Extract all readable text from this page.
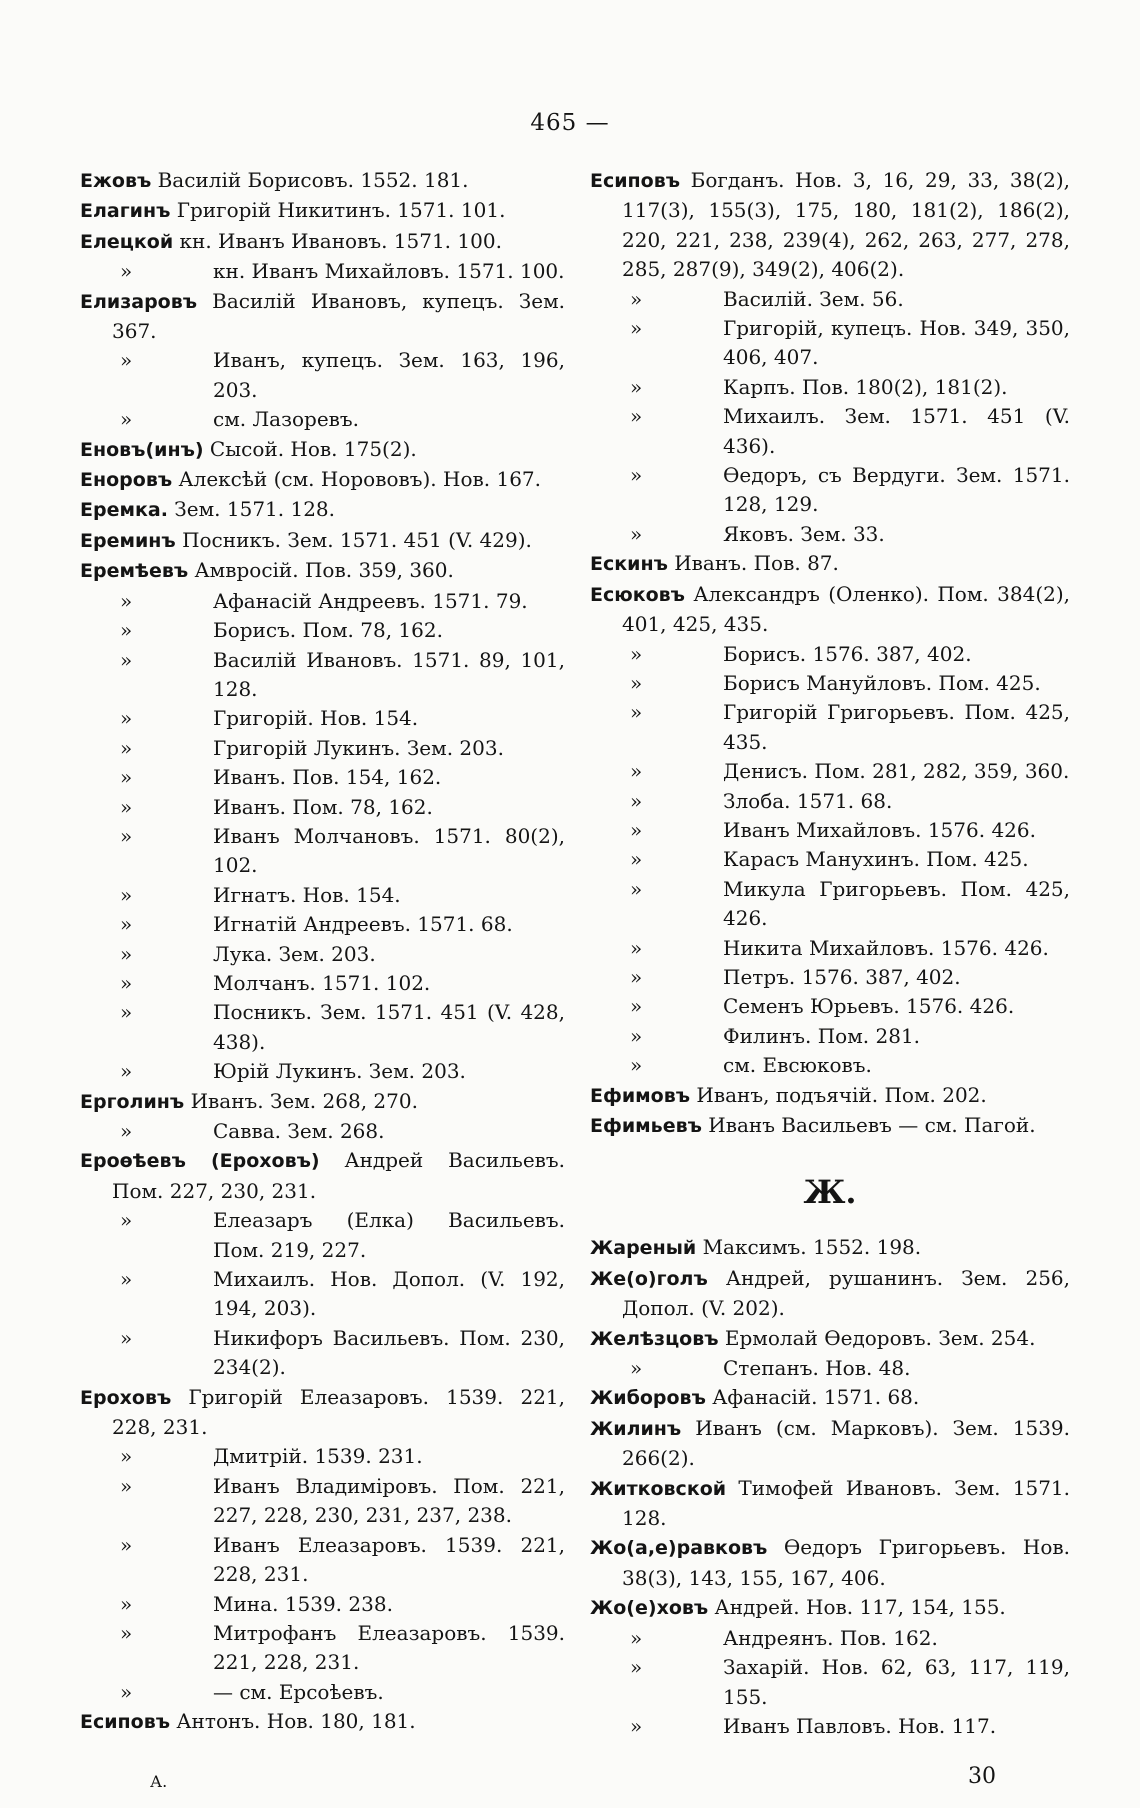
465 —
Ежовъ Василій Борисовъ. 1552. 181.
Елагинъ Григорій Никитинъ. 1571. 101.
Елецкой кн. Иванъ Ивановъ. 1571. 100.
»	кн. Иванъ Михайловъ. 1571. 100.
Елизаровъ Василій Ивановъ, купецъ. Зем. 367.
»	Иванъ, купецъ. Зем. 163, 196, 203.
»	см. Лазоревъ.
Еновъ(инъ) Сысой. Нов. 175(2).
Еноровъ Алексѣй (см. Норововъ). Нов. 167.
Еремка. Зем. 1571. 128.
Ереминъ Посникъ. Зем. 1571. 451 (V. 429).
Еремѣевъ Амвросій. Пов. 359, 360.
»	Афанасій Андреевъ. 1571. 79.
»	Борисъ. Пом. 78, 162.
»	Василій Ивановъ. 1571. 89, 101, 128.
»	Григорій. Нов. 154.
»	Григорій Лукинъ. Зем. 203.
»	Иванъ. Пов. 154, 162.
»	Иванъ. Пом. 78, 162.
»	Иванъ Молчановъ. 1571. 80(2), 102.
»	Игнатъ. Нов. 154.
»	Игнатій Андреевъ. 1571. 68.
»	Лука. Зем. 203.
»	Молчанъ. 1571. 102.
»	Посникъ. Зем. 1571. 451 (V. 428, 438).
»	Юрій Лукинъ. Зем. 203.
Ерголинъ Иванъ. Зем. 268, 270.
»	Савва. Зем. 268.
Ероѳѣевъ (Ероховъ) Андрей Васильевъ. Пом. 227, 230, 231.
»	Елеазаръ (Елка) Васильевъ. Пом. 219, 227.
»	Михаилъ. Нов. Допол. (V. 192, 194, 203).
»	Никифоръ Васильевъ. Пом. 230, 234(2).
Ероховъ Григорій Елеазаровъ. 1539. 221, 228, 231.
»	Дмитрій. 1539. 231.
»	Иванъ Владиміровъ. Пом. 221, 227, 228, 230, 231, 237, 238.
»	Иванъ Елеазаровъ. 1539. 221, 228, 231.
»	Мина. 1539. 238.
»	Митрофанъ Елеазаровъ. 1539. 221, 228, 231.
»	— см. Ерсоѣевъ.
Есиповъ Антонъ. Нов. 180, 181.
Есиповъ Богданъ. Нов. 3, 16, 29, 33, 38(2), 117(3), 155(3), 175, 180, 181(2), 186(2), 220, 221, 238, 239(4), 262, 263, 277, 278, 285, 287(9), 349(2), 406(2).
»	Василій. Зем. 56.
»	Григорій, купецъ. Нов. 349, 350, 406, 407.
»	Карпъ. Пов. 180(2), 181(2).
»	Михаилъ. Зем. 1571. 451 (V. 436).
»	Ѳедоръ, съ Вердуги. Зем. 1571. 128, 129.
»	Яковъ. Зем. 33.
Ескинъ Иванъ. Пов. 87.
Есюковъ Александръ (Оленко). Пом. 384(2), 401, 425, 435.
»	Борисъ. 1576. 387, 402.
»	Борисъ Мануйловъ. Пом. 425.
»	Григорій Григорьевъ. Пом. 425, 435.
»	Денисъ. Пом. 281, 282, 359, 360.
»	Злоба. 1571. 68.
»	Иванъ Михайловъ. 1576. 426.
»	Карасъ Манухинъ. Пом. 425.
»	Микула Григорьевъ. Пом. 425, 426.
»	Никита Михайловъ. 1576. 426.
»	Петръ. 1576. 387, 402.
»	Семенъ Юрьевъ. 1576. 426.
»	Филинъ. Пом. 281.
»	см. Евсюковъ.
Ефимовъ Иванъ, подъячій. Пом. 202.
Ефимьевъ Иванъ Васильевъ — см. Пагой.
Ж.
Жареный Максимъ. 1552. 198.
Же(о)голъ Андрей, рушанинъ. Зем. 256, Допол. (V. 202).
Желѣзцовъ Ермолай Ѳедоровъ. Зем. 254.
»	Степанъ. Нов. 48.
Жиборовъ Афанасій. 1571. 68.
Жилинъ Иванъ (см. Марковъ). Зем. 1539. 266(2).
Житковской Тимофей Ивановъ. Зем. 1571. 128.
Жо(а,е)равковъ Ѳедоръ Григорьевъ. Нов. 38(3), 143, 155, 167, 406.
Жо(е)ховъ Андрей. Нов. 117, 154, 155.
»	Андреянъ. Пов. 162.
»	Захарій. Нов. 62, 63, 117, 119, 155.
»	Иванъ Павловъ. Нов. 117.
А.	30
